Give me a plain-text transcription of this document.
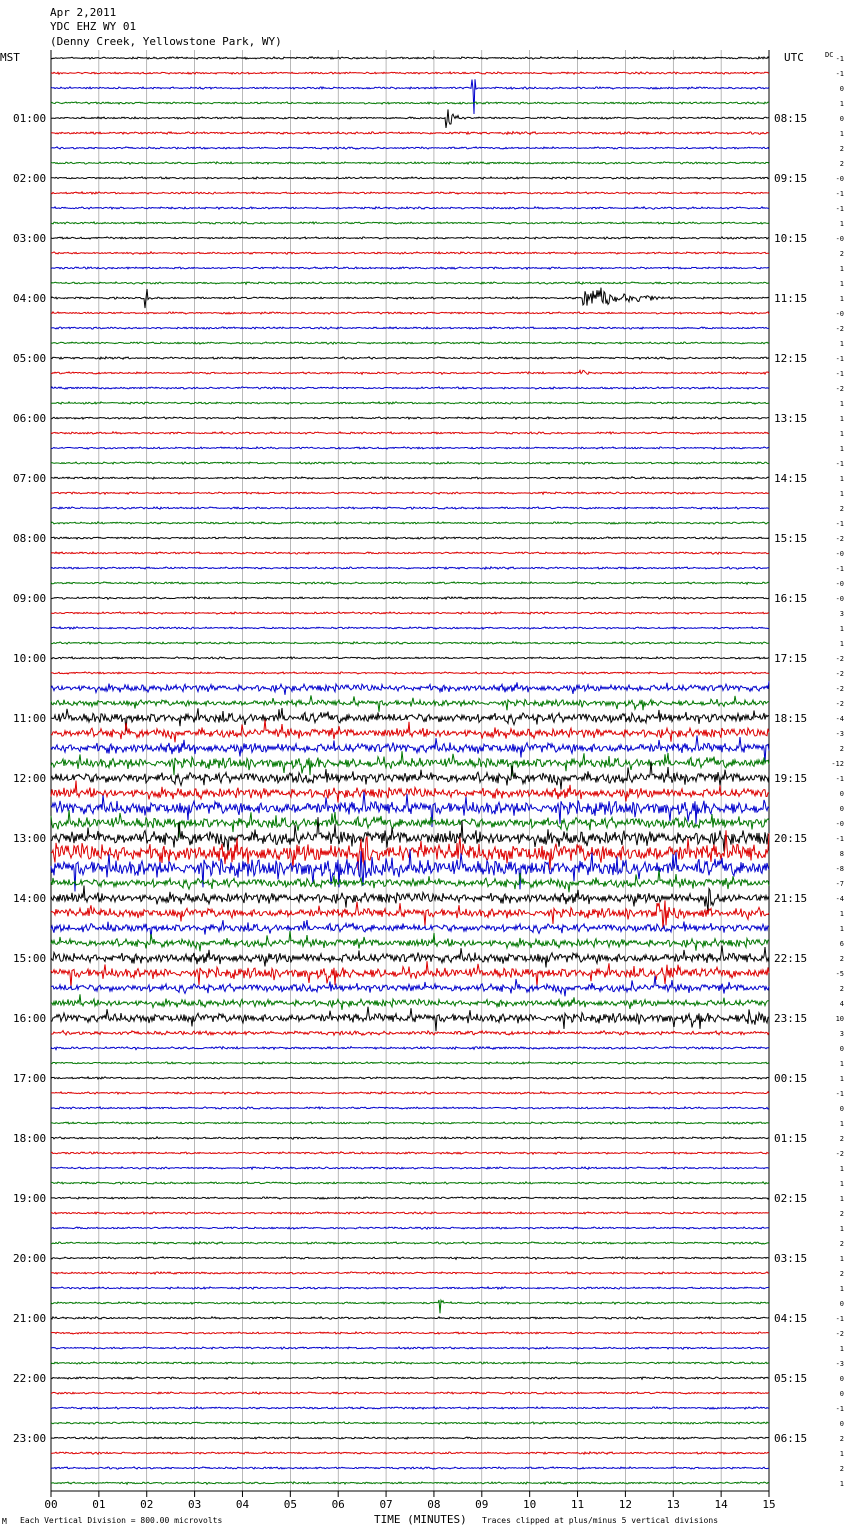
Apr 2,2011
YDC EHZ WY 01
(Denny Creek, Yellowstone Park, WY)
MST	UTC	DC
01:00
02:00
03:00
04:00
05:00
06:00
07:00
08:00
09:00
10:00
11:00
12:00
13:00
14:00
15:00
16:00
17:00
18:00
19:00
20:00
21:00
22:00
23:00
08:15
09:15
10:15
11:15
12:15
13:15
14:15
15:15
16:15
17:15
18:15
19:15
20:15
21:15
22:15
23:15
00:15
01:15
02:15
03:15
04:15
05:15
06:15
-1
-1
0
1
0
1
2
2
-0
-1
-1
1
-0
2
1
1
1
-0
-2
1
-1
-1
-2
1
1
1
1
-1
1
1
2
-1
-2
-0
-1
-0
-0
3
1
1
-2
-2
-2
-2
-4
-3
2
-12
-1
0
0
-0
-1
8
-8
-7
-4
1
1
6
2
-5
2
4
10
3
0
1
1
-1
0
1
2
-2
1
1
1
2
1
2
1
2
1
0
-1
-2
1
-3
0
0
-1
0
2
1
2
1
00	01	02	03	04	05	06	07	08	09	10	11	12	13	14	15
M Each Vertical Division = 800.00 microvolts	TIME (MINUTES) Traces clipped at plus/minus 5 vertical divisions
